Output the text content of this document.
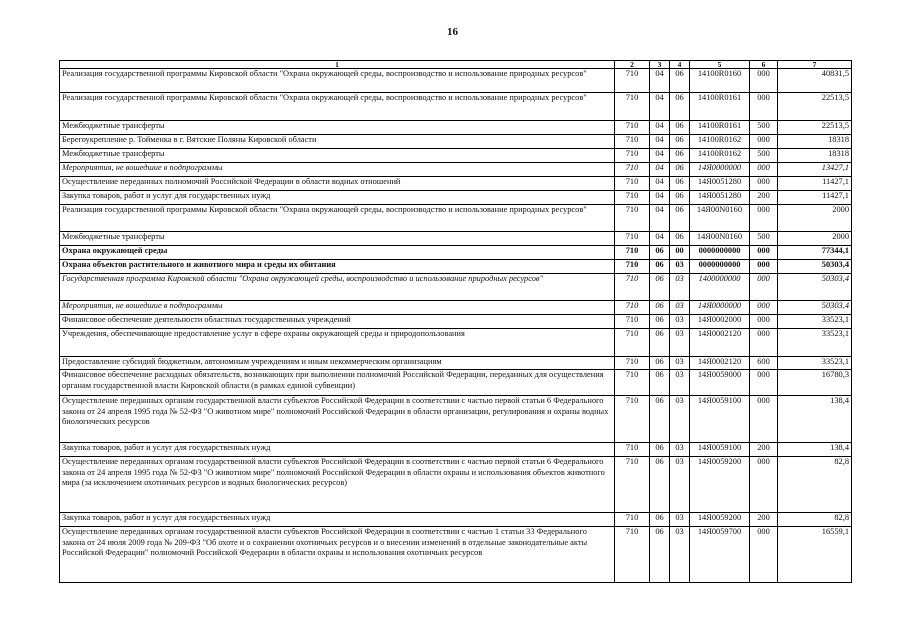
16
1	2	3	4	5	6	7
Реализация государственной программы Кировской области "Охрана окружающей среды, воспроизводство и использование природных ресурсов"	710	04	06	14100R0160	000	40831,5
Реализация государственной программы Кировской области "Охрана окружающей среды, воспроизводство и использование природных ресурсов"	710	04	06	14100R0161	000	22513,5
Межбюджетные трансферты	710	04	06	14100R0161	500	22513,5
Берегоукрепление р. Тойменка в г. Вятские Поляны Кировской области	710	04	06	14100R0162	000	18318
Межбюджетные трансферты	710	04	06	14100R0162	500	18318
Мероприятия, не вошедшие в подпрограммы	710	04	06	14Я0000000	000	13427,1
Осуществление переданных полномочий Российской Федерации в области водных отношений	710	04	06	14Я0051280	000	11427,1
Закупка товаров, работ и услуг для государственных нужд	710	04	06	14Я0051280	200	11427,1
Реализация государственной программы Кировской области "Охрана окружающей среды, воспроизводство и использование природных ресурсов"	710	04	06	14Я00N0160	000	2000
Межбюджетные трансферты	710	04	06	14Я00N0160	500	2000
Охрана окружающей среды	710	06	00	0000000000	000	77344,1
Охрана объектов растительного и животного мира и среды их обитания	710	06	03	0000000000	000	50303,4
Государственная программа Кировской области "Охрана окружающей среды, воспроизводство и использование природных ресурсов"	710	06	03	1400000000	000	50303,4
Мероприятия, не вошедшие в подпрограммы	710	06	03	14Я0000000	000	50303,4
Финансовое обеспечение деятельности областных государственных учреждений	710	06	03	14Я0002000	000	33523,1
Учреждения, обеспечивающие предоставление услуг в сфере охраны окружающей среды и природопользования	710	06	03	14Я0002120	000	33523,1
Предоставление субсидий бюджетным, автономным учреждениям и иным некоммерческим организациям	710	06	03	14Я0002120	600	33523,1
Финансовое обеспечение расходных обязательств, возникающих при выполнении полномочий Российской Федерации, переданных для осуществления органам государственной власти Кировской области (в рамках единой субвенции)	710	06	03	14Я0059000	000	16780,3
Осуществление переданных органам государственной власти субъектов Российской Федерации в соответствии с частью первой статьи 6 Федерального закона от 24 апреля 1995 года № 52-ФЗ "О животном мире" полномочий Российской Федерации в области организации, регулирования и охраны водных биологических ресурсов	710	06	03	14Я0059100	000	138,4
Закупка товаров, работ и услуг для государственных нужд	710	06	03	14Я0059100	200	138,4
Осуществление переданных органам государственной власти субъектов Российской Федерации в соответствии с частью первой статьи 6 Федерального закона от 24 апреля 1995 года № 52-ФЗ "О животном мире" полномочий Российской Федерации в области охраны и использования объектов животного мира (за исключением охотничьих ресурсов и водных биологических ресурсов)	710	06	03	14Я0059200	000	82,8
Закупка товаров, работ и услуг для государственных нужд	710	06	03	14Я0059200	200	82,8
Осуществление переданных органам государственной власти субъектов Российской Федерации в соответствии с частью 1 статьи 33 Федерального закона от 24 июля 2009 года № 209-ФЗ "Об охоте и о сохранении охотничьих ресурсов и о внесении изменений в отдельные законодательные акты Российской Федерации" полномочий Российской Федерации в области охраны и использования охотничьих ресурсов	710	06	03	14Я0059700	000	16559,1
